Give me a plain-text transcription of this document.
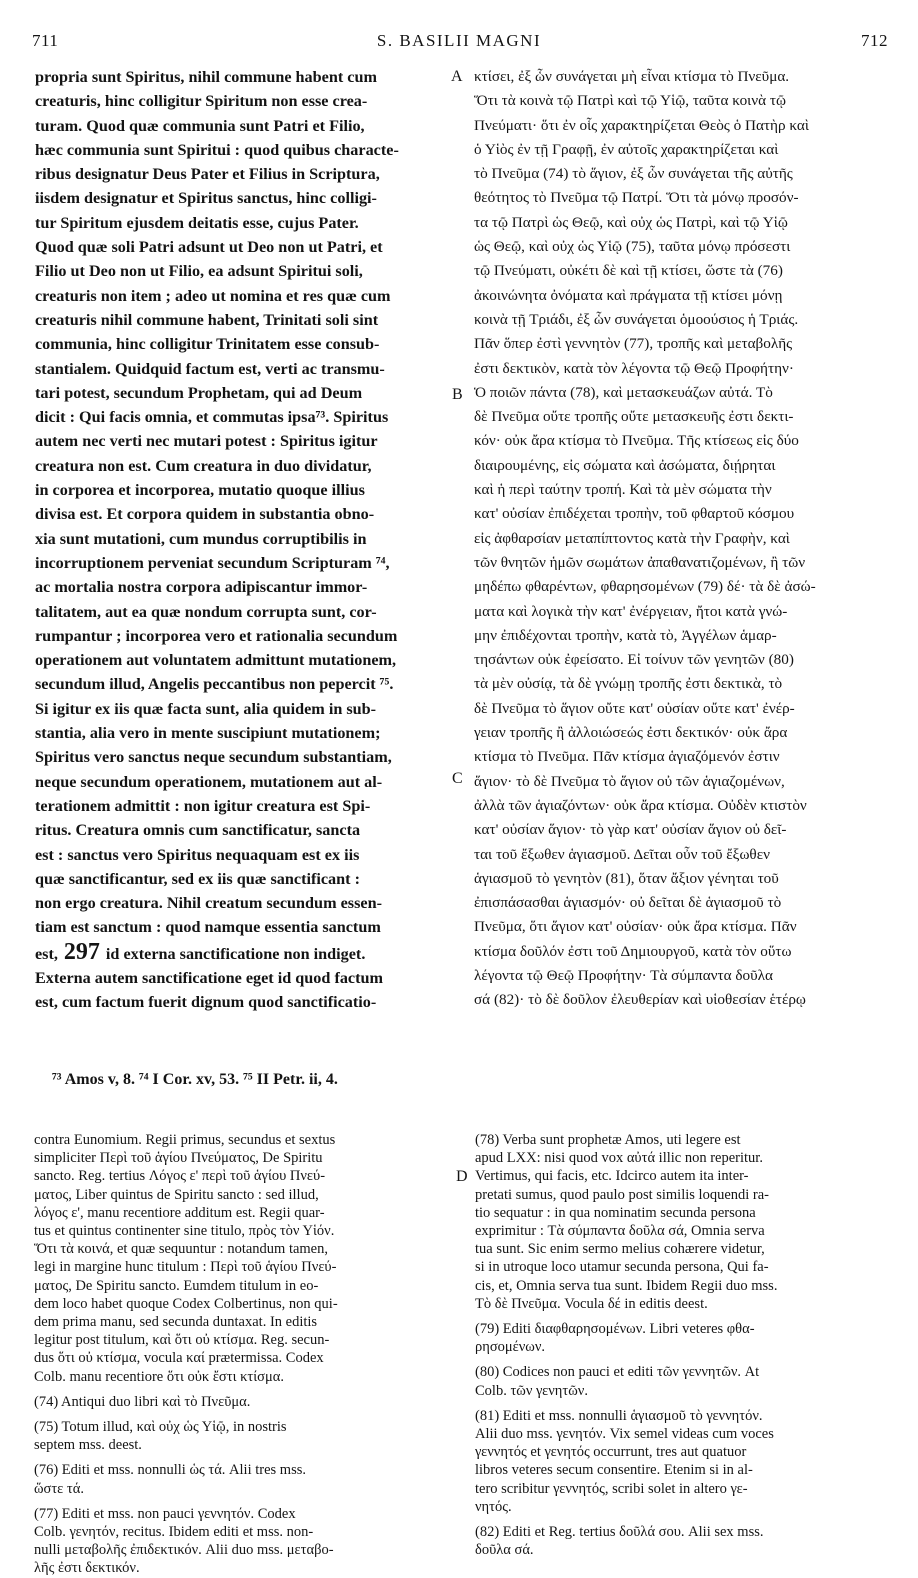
711	S. BASILII MAGNI	712
A
B
C
D
propria sunt Spiritus, nihil commune habent cum
creaturis, hinc colligitur Spiritum non esse crea-
turam. Quod quæ communia sunt Patri et Filio,
hæc communia sunt Spiritui : quod quibus characte-
ribus designatur Deus Pater et Filius in Scriptura,
iisdem designatur et Spiritus sanctus, hinc colligi-
tur Spiritum ejusdem deitatis esse, cujus Pater.
Quod quæ soli Patri adsunt ut Deo non ut Patri, et
Filio ut Deo non ut Filio, ea adsunt Spiritui soli,
creaturis non item ; adeo ut nomina et res quæ cum
creaturis nihil commune habent, Trinitati soli sint
communia, hinc colligitur Trinitatem esse consub-
stantialem. Quidquid factum est, verti ac transmu-
tari potest, secundum Prophetam, qui ad Deum
dicit : Qui facis omnia, et commutas ipsa⁷³. Spiritus
autem nec verti nec mutari potest : Spiritus igitur
creatura non est. Cum creatura in duo dividatur,
in corporea et incorporea, mutatio quoque illius
divisa est. Et corpora quidem in substantia obno-
xia sunt mutationi, cum mundus corruptibilis in
incorruptionem perveniat secundum Scripturam ⁷⁴,
ac mortalia nostra corpora adipiscantur immor-
talitatem, aut ea quæ nondum corrupta sunt, cor-
rumpantur ; incorporea vero et rationalia secundum
operationem aut voluntatem admittunt mutationem,
secundum illud, Angelis peccantibus non pepercit ⁷⁵.
Si igitur ex iis quæ facta sunt, alia quidem in sub-
stantia, alia vero in mente suscipiunt mutationem;
Spiritus vero sanctus neque secundum substantiam,
neque secundum operationem, mutationem aut al-
terationem admittit : non igitur creatura est Spi-
ritus. Creatura omnis cum sanctificatur, sancta
est : sanctus vero Spiritus nequaquam est ex iis
quæ sanctificantur, sed ex iis quæ sanctificant :
non ergo creatura. Nihil creatum secundum essen-
tiam est sanctum : quod namque essentia sanctum
est, 297 id externa sanctificatione non indiget.
Externa autem sanctificatione eget id quod factum
est, cum factum fuerit dignum quod sanctificatio-
κτίσει, ἐξ ὧν συνάγεται μὴ εἶναι κτίσμα τὸ Πνεῦμα.
Ὅτι τὰ κοινὰ τῷ Πατρὶ καὶ τῷ Υἱῷ, ταῦτα κοινὰ τῷ
Πνεύματι· ὅτι ἐν οἷς χαρακτηρίζεται Θεὸς ὁ Πατὴρ καὶ
ὁ Υἱὸς ἐν τῇ Γραφῇ, ἐν αὐτοῖς χαρακτηρίζεται καὶ
τὸ Πνεῦμα (74) τὸ ἅγιον, ἐξ ὧν συνάγεται τῆς αὐτῆς
θεότητος τὸ Πνεῦμα τῷ Πατρί. Ὅτι τὰ μόνῳ προσόν-
τα τῷ Πατρὶ ὡς Θεῷ, καὶ οὐχ ὡς Πατρὶ, καὶ τῷ Υἱῷ
ὡς Θεῷ, καὶ οὐχ ὡς Υἱῷ (75), ταῦτα μόνῳ πρόσεστι
τῷ Πνεύματι, οὐκέτι δὲ καὶ τῇ κτίσει, ὥστε τὰ (76)
ἀκοινώνητα ὀνόματα καὶ πράγματα τῇ κτίσει μόνῃ
κοινὰ τῇ Τριάδι, ἐξ ὧν συνάγεται ὁμοούσιος ἡ Τριάς.
Πᾶν ὅπερ ἐστὶ γεννητὸν (77), τροπῆς καὶ μεταβολῆς
ἐστι δεκτικὸν, κατὰ τὸν λέγοντα τῷ Θεῷ Προφήτην·
Ὁ ποιῶν πάντα (78), καὶ μετασκευάζων αὐτά. Τὸ
δὲ Πνεῦμα οὔτε τροπῆς οὔτε μετασκευῆς ἐστι δεκτι-
κόν· οὐκ ἄρα κτίσμα τὸ Πνεῦμα. Τῆς κτίσεως εἰς δύο
διαιρουμένης, εἰς σώματα καὶ ἀσώματα, διῄρηται
καὶ ἡ περὶ ταύτην τροπή. Καὶ τὰ μὲν σώματα τὴν
κατ' οὐσίαν ἐπιδέχεται τροπὴν, τοῦ φθαρτοῦ κόσμου
εἰς ἀφθαρσίαν μεταπίπτοντος κατὰ τὴν Γραφὴν, καὶ
τῶν θνητῶν ἡμῶν σωμάτων ἀπαθανατιζομένων, ἢ τῶν
μηδέπω φθαρέντων, φθαρησομένων (79) δέ· τὰ δὲ ἀσώ-
ματα καὶ λογικὰ τὴν κατ' ἐνέργειαν, ἤτοι κατὰ γνώ-
μην ἐπιδέχονται τροπὴν, κατὰ τὸ, Ἀγγέλων ἁμαρ-
τησάντων οὐκ ἐφείσατο. Εἰ τοίνυν τῶν γενητῶν (80)
τὰ μὲν οὐσίᾳ, τὰ δὲ γνώμῃ τροπῆς ἐστι δεκτικὰ, τὸ
δὲ Πνεῦμα τὸ ἅγιον οὔτε κατ' οὐσίαν οὔτε κατ' ἐνέρ-
γειαν τροπῆς ἢ ἀλλοιώσεώς ἐστι δεκτικόν· οὐκ ἄρα
κτίσμα τὸ Πνεῦμα. Πᾶν κτίσμα ἁγιαζόμενόν ἐστιν
ἅγιον· τὸ δὲ Πνεῦμα τὸ ἅγιον οὐ τῶν ἁγιαζομένων,
ἀλλὰ τῶν ἁγιαζόντων· οὐκ ἄρα κτίσμα. Οὐδὲν κτιστὸν
κατ' οὐσίαν ἅγιον· τὸ γὰρ κατ' οὐσίαν ἅγιον οὐ δεῖ-
ται τοῦ ἔξωθεν ἁγιασμοῦ. Δεῖται οὖν τοῦ ἔξωθεν
ἁγιασμοῦ τὸ γενητὸν (81), ὅταν ἄξιον γένηται τοῦ
ἐπισπάσασθαι ἁγιασμόν· οὐ δεῖται δὲ ἁγιασμοῦ τὸ
Πνεῦμα, ὅτι ἅγιον κατ' οὐσίαν· οὐκ ἄρα κτίσμα. Πᾶν
κτίσμα δοῦλόν ἐστι τοῦ Δημιουργοῦ, κατὰ τὸν οὕτω
λέγοντα τῷ Θεῷ Προφήτην· Τὰ σύμπαντα δοῦλα
σά (82)· τὸ δὲ δοῦλον ἐλευθερίαν καὶ υἱοθεσίαν ἑτέρῳ
⁷³ Amos v, 8. ⁷⁴ I Cor. xv, 53. ⁷⁵ II Petr. ii, 4.
contra Eunomium. Regii primus, secundus et sextus
simpliciter Περὶ τοῦ ἁγίου Πνεύματος, De Spiritu
sancto. Reg. tertius Λόγος ε' περὶ τοῦ ἁγίου Πνεύ-
ματος, Liber quintus de Spiritu sancto : sed illud,
λόγος ε', manu recentiore additum est. Regii quar-
tus et quintus continenter sine titulo, πρὸς τὸν Υἱόν.
Ὅτι τὰ κοινά, et quæ sequuntur : notandum tamen,
legi in margine hunc titulum : Περὶ τοῦ ἁγίου Πνεύ-
ματος, De Spiritu sancto. Eumdem titulum in eo-
dem loco habet quoque Codex Colbertinus, non qui-
dem prima manu, sed secunda duntaxat. In editis
legitur post titulum, καὶ ὅτι οὐ κτίσμα. Reg. secun-
dus ὅτι οὐ κτίσμα, vocula καί prætermissa. Codex
Colb. manu recentiore ὅτι οὐκ ἔστι κτίσμα.
(74) Antiqui duo libri καὶ τὸ Πνεῦμα.
(75) Totum illud, καὶ οὐχ ὡς Υἱῷ, in nostris
septem mss. deest.
(76) Editi et mss. nonnulli ὡς τά. Alii tres mss.
ὥστε τά.
(77) Editi et mss. non pauci γεννητόν. Codex
Colb. γενητόν, recitus. Ibidem editi et mss. non-
nulli μεταβολῆς ἐπιδεκτικόν. Alii duo mss. μεταβο-
λῆς ἐστι δεκτικόν.
(78) Verba sunt prophetæ Amos, uti legere est
apud LXX: nisi quod vox αὐτά illic non reperitur.
Vertimus, qui facis, etc. Idcirco autem ita inter-
pretati sumus, quod paulo post similis loquendi ra-
tio sequatur : in qua nominatim secunda persona
exprimitur : Τὰ σύμπαντα δοῦλα σά, Omnia serva
tua sunt. Sic enim sermo melius cohærere videtur,
si in utroque loco utamur secunda persona, Qui fa-
cis, et, Omnia serva tua sunt. Ibidem Regii duo mss.
Τὸ δὲ Πνεῦμα. Vocula δέ in editis deest.
(79) Editi διαφθαρησομένων. Libri veteres φθα-
ρησομένων.
(80) Codices non pauci et editi τῶν γεννητῶν. At
Colb. τῶν γενητῶν.
(81) Editi et mss. nonnulli ἁγιασμοῦ τὸ γεννητόν.
Alii duo mss. γενητόν. Vix semel videas cum voces
γεννητός et γενητός occurrunt, tres aut quatuor
libros veteres secum consentire. Etenim si in al-
tero scribitur γεννητός, scribi solet in altero γε-
νητός.
(82) Editi et Reg. tertius δοῦλά σου. Alii sex mss.
δοῦλα σά.
